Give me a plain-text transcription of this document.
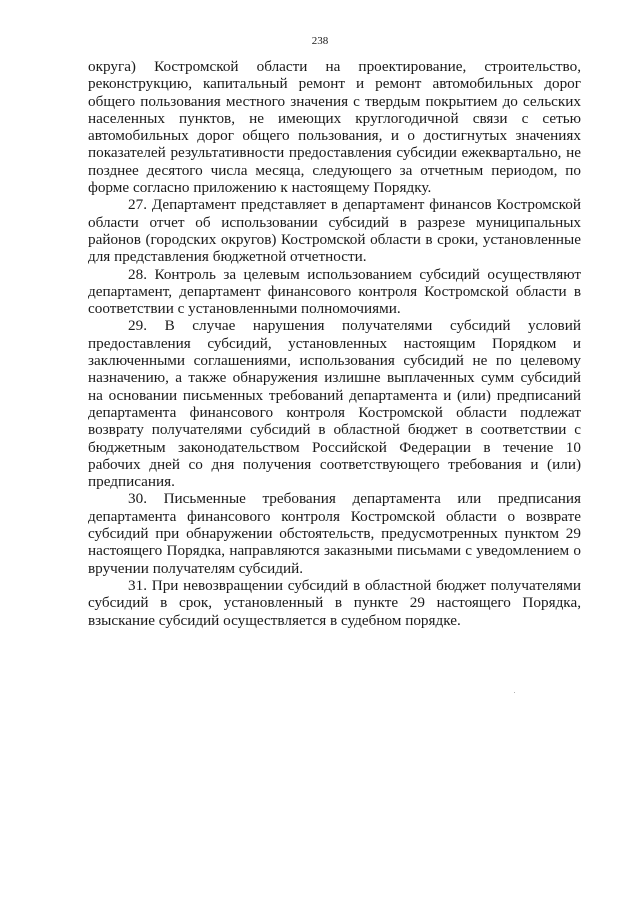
238

округа) Костромской области на проектирование, строительство, реконструкцию, капитальный ремонт и ремонт автомобильных дорог общего пользования местного значения с твердым покрытием до сельских населенных пунктов, не имеющих круглогодичной связи с сетью автомобильных дорог общего пользования, и о достигнутых значениях показателей результативности предоставления субсидии ежеквартально, не позднее десятого числа месяца, следующего за отчетным периодом, по форме согласно приложению к настоящему Порядку.

27. Департамент представляет в департамент финансов Костромской области отчет об использовании субсидий в разрезе муниципальных районов (городских округов) Костромской области в сроки, установленные для представления бюджетной отчетности.

28. Контроль за целевым использованием субсидий осуществляют департамент, департамент финансового контроля Костромской области в соответствии с установленными полномочиями.

29. В случае нарушения получателями субсидий условий предоставления субсидий, установленных настоящим Порядком и заключенными соглашениями, использования субсидий не по целевому назначению, а также обнаружения излишне выплаченных сумм субсидий на основании письменных требований департамента и (или) предписаний департамента финансового контроля Костромской области подлежат возврату получателями субсидий в областной бюджет в соответствии с бюджетным законодательством Российской Федерации в течение 10 рабочих дней со дня получения соответствующего требования и (или) предписания.

30. Письменные требования департамента или предписания департамента финансового контроля Костромской области о возврате субсидий при обнаружении обстоятельств, предусмотренных пунктом 29 настоящего Порядка, направляются заказными письмами с уведомлением о вручении получателям субсидий.

31. При невозвращении субсидий в областной бюджет получателями субсидий в срок, установленный в пункте 29 настоящего Порядка, взыскание субсидий осуществляется в судебном порядке.
